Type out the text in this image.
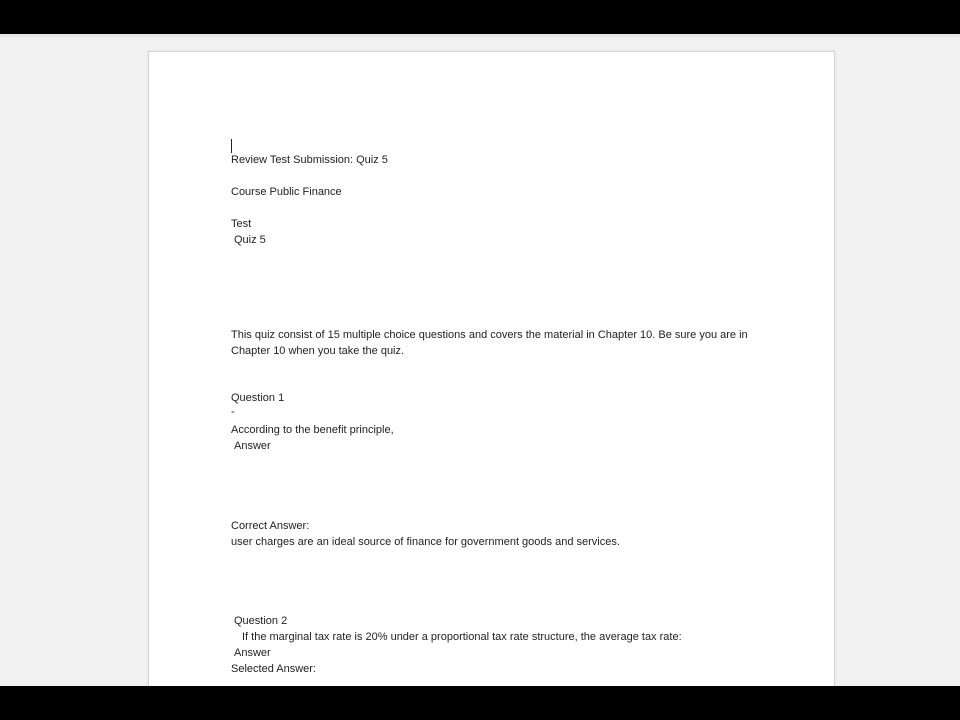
Review Test Submission: Quiz 5
Course Public Finance
Test
Quiz 5
This quiz consist of 15 multiple choice questions and covers the material in Chapter 10. Be sure you are in Chapter 10 when you take the quiz.
Question 1
-
According to the benefit principle,
Answer
Correct Answer:
user charges are an ideal source of finance for government goods and services.
Question 2
If the marginal tax rate is 20% under a proportional tax rate structure, the average tax rate:
Answer
Selected Answer:
